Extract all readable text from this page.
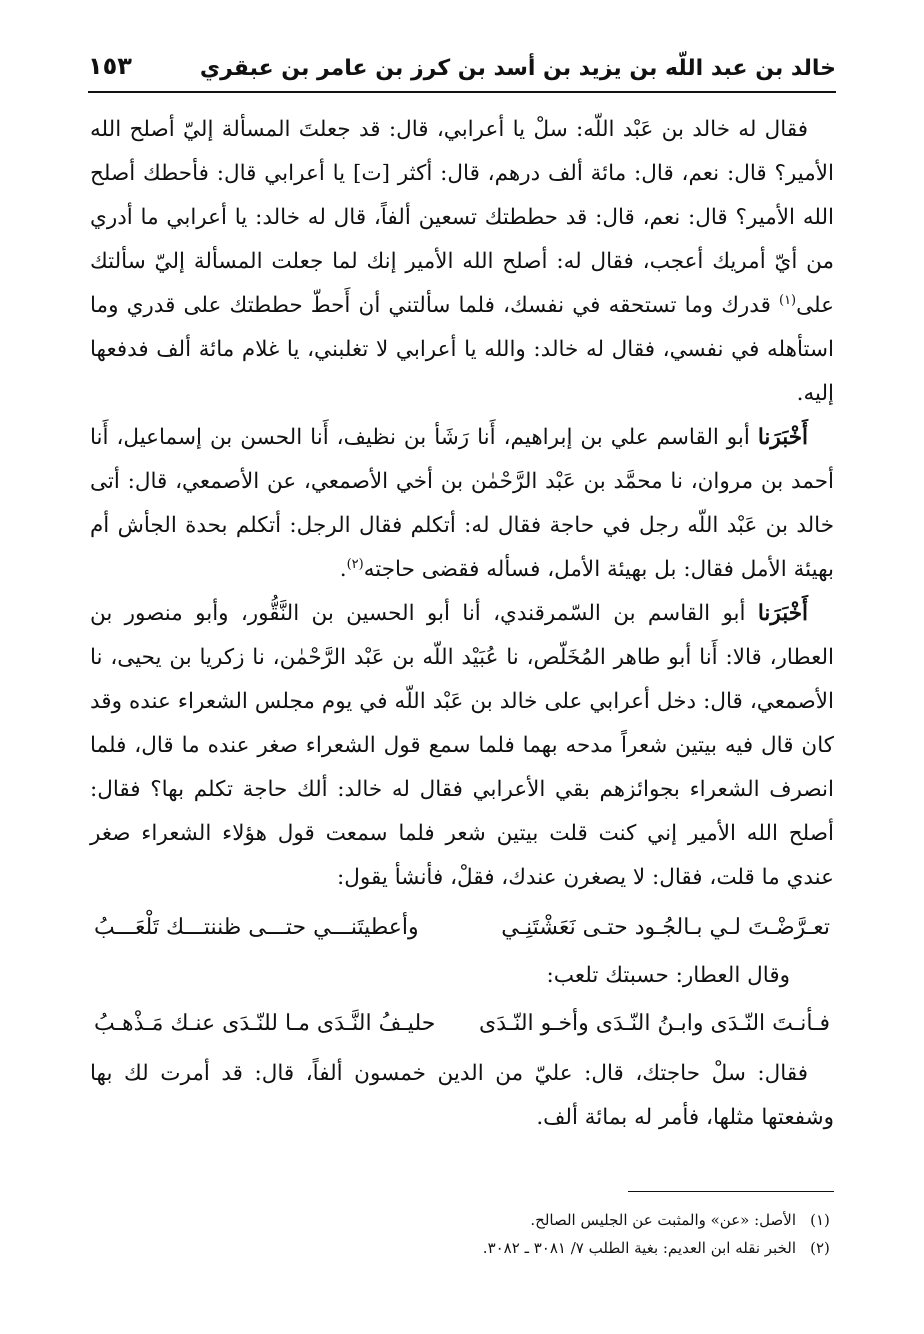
خالد بن عبد اللّه بن يزيد بن أسد بن كرز بن عامر بن عبقري
١٥٣

فقال له خالد بن عَبْد اللّه: سلْ يا أعرابي، قال: قد جعلتَ المسألة إليّ أصلح الله الأمير؟ قال: نعم، قال: مائة ألف درهم، قال: أكثر [ت] يا أعرابي قال: فأحطك أصلح الله الأمير؟ قال: نعم، قال: قد حططتك تسعين ألفاً، قال له خالد: يا أعرابي ما أدري من أيّ أمريك أعجب، فقال له: أصلح الله الأمير إنك لما جعلت المسألة إليّ سألتك على$^{(١)}$ قدرك وما تستحقه في نفسك، فلما سألتني أن أَحطّ حططتك على قدري وما استأهله في نفسي، فقال له خالد: والله يا أعرابي لا تغلبني، يا غلام مائة ألف فدفعها إليه.

أَخْبَرَنا أبو القاسم علي بن إبراهيم، أَنا رَشَأ بن نظيف، أَنا الحسن بن إسماعيل، أَنا أحمد بن مروان، نا محمَّد بن عَبْد الرَّحْمٰن بن أخي الأصمعي، عن الأصمعي، قال: أتى خالد بن عَبْد اللّه رجل في حاجة فقال له: أتكلم فقال الرجل: أتكلم بحدة الجأش أم بهيئة الأمل فقال: بل بهيئة الأمل، فسأله فقضى حاجته$^{(٢)}$.

أَخْبَرَنا أبو القاسم بن السّمرقندي، أنا أبو الحسين بن النَّقُّور، وأبو منصور بن العطار، قالا: أَنا أبو طاهر المُخَلّص، نا عُبَيْد اللّه بن عَبْد الرَّحْمٰن، نا زكريا بن يحيى، نا الأصمعي، قال: دخل أعرابي على خالد بن عَبْد اللّه في يوم مجلس الشعراء عنده وقد كان قال فيه بيتين شعراً مدحه بهما فلما سمع قول الشعراء صغر عنده ما قال، فلما انصرف الشعراء بجوائزهم بقي الأعرابي فقال له خالد: ألك حاجة تكلم بها؟ فقال: أصلح الله الأمير إني كنت قلت بيتين شعر فلما سمعت قول هؤلاء الشعراء صغر عندي ما قلت، فقال: لا يصغرن عندك، فقلْ، فأنشأ يقول:

تعـرَّضْـتَ لـي بـالجُـود حتـى نَعَشْتَنِـي
وأعطيتَنـــي حتـــى ظننتـــك تَلْعَـــبُ
وقال العطار: حسبتك تلعب:
فـأنـتَ النّـدَى وابـنُ النّـدَى وأخـو النّـدَى
حليـفُ النَّـدَى مـا للنّـدَى عنـك مَـذْهـبُ

فقال: سلْ حاجتك، قال: عليّ من الدين خمسون ألفاً، قال: قد أمرت لك بها وشفعتها مثلها، فأمر له بمائة ألف.

(١)
الأصل: «عن» والمثبت عن الجليس الصالح.
(٢)
الخبر نقله ابن العديم: بغية الطلب ٧/ ٣٠٨١ ـ ٣٠٨٢.
